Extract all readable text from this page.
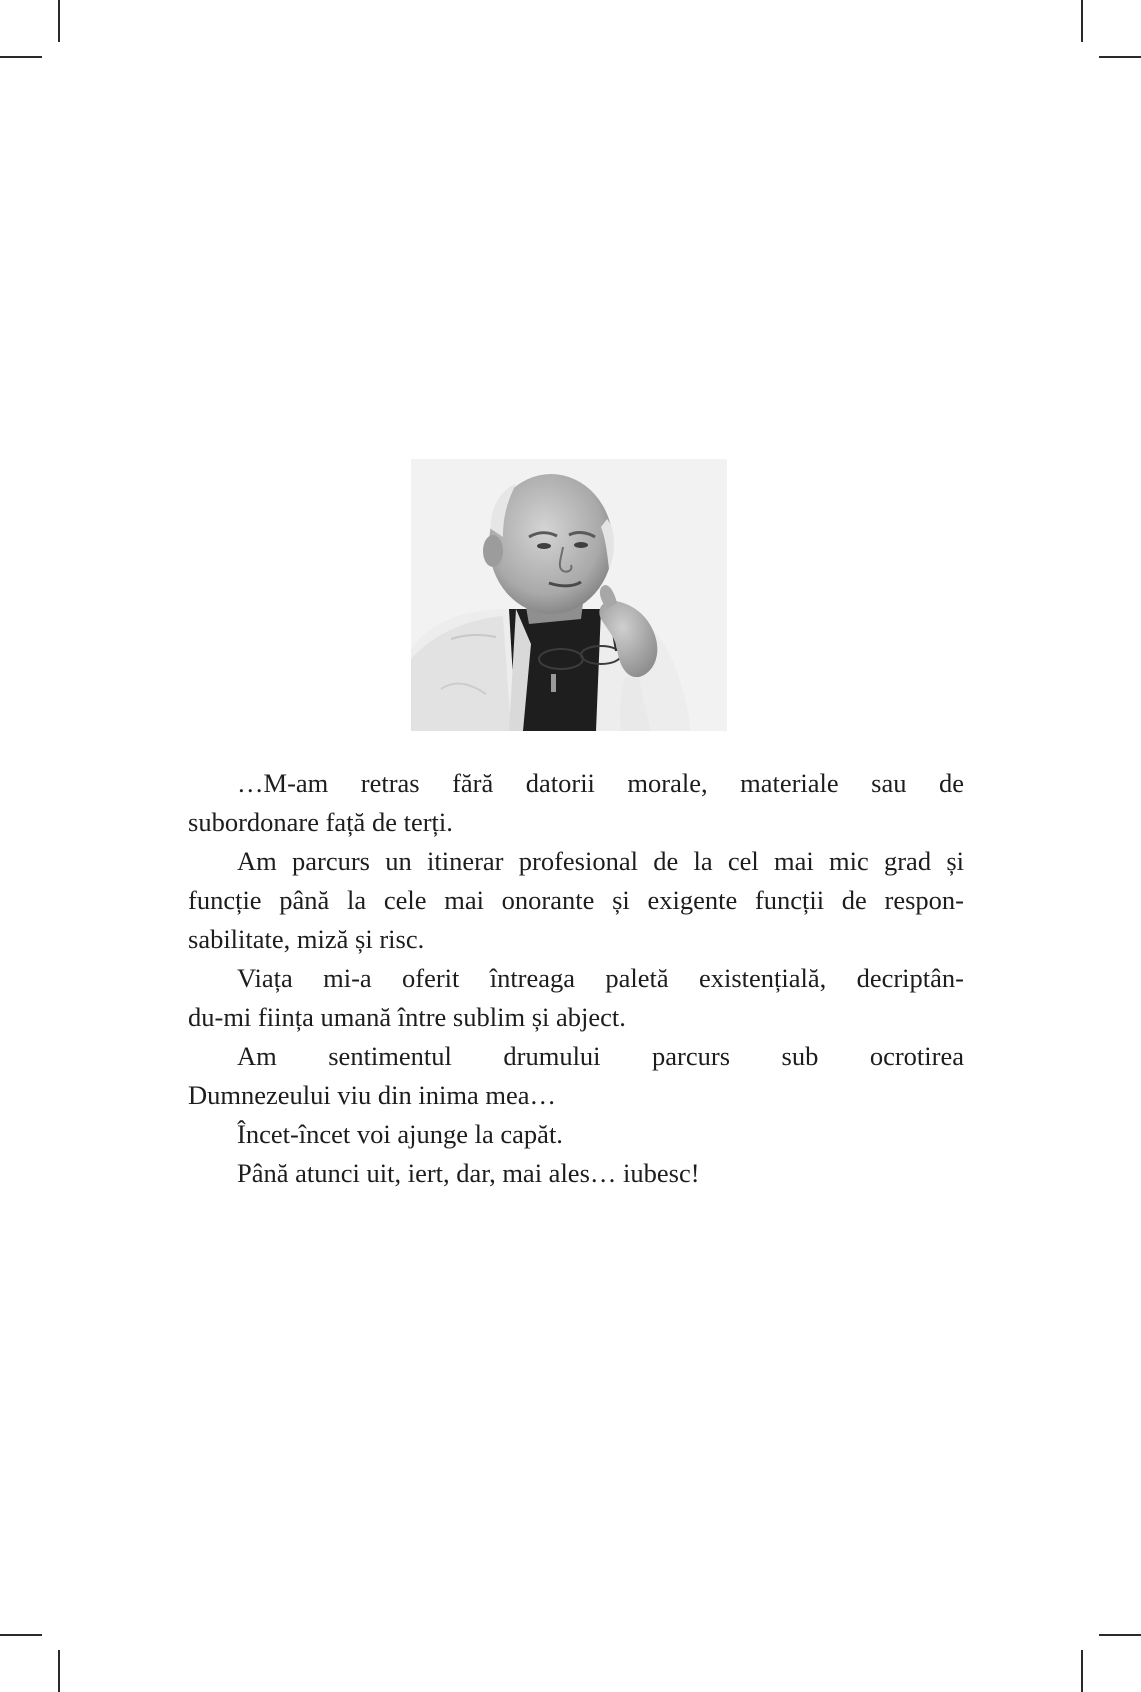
…M-am retras fără datorii morale, materiale sau de
subordonare față de terți.

Am parcurs un itinerar profesional de la cel mai mic grad și
funcție până la cele mai onorante și exigente funcții de respon-
sabilitate, miză și risc.

Viața mi-a oferit întreaga paletă existențială, decriptân-
du-mi ființa umană între sublim și abject.

Am sentimentul drumului parcurs sub ocrotirea
Dumnezeului viu din inima mea…

Încet-încet voi ajunge la capăt.

Până atunci uit, iert, dar, mai ales… iubesc!
